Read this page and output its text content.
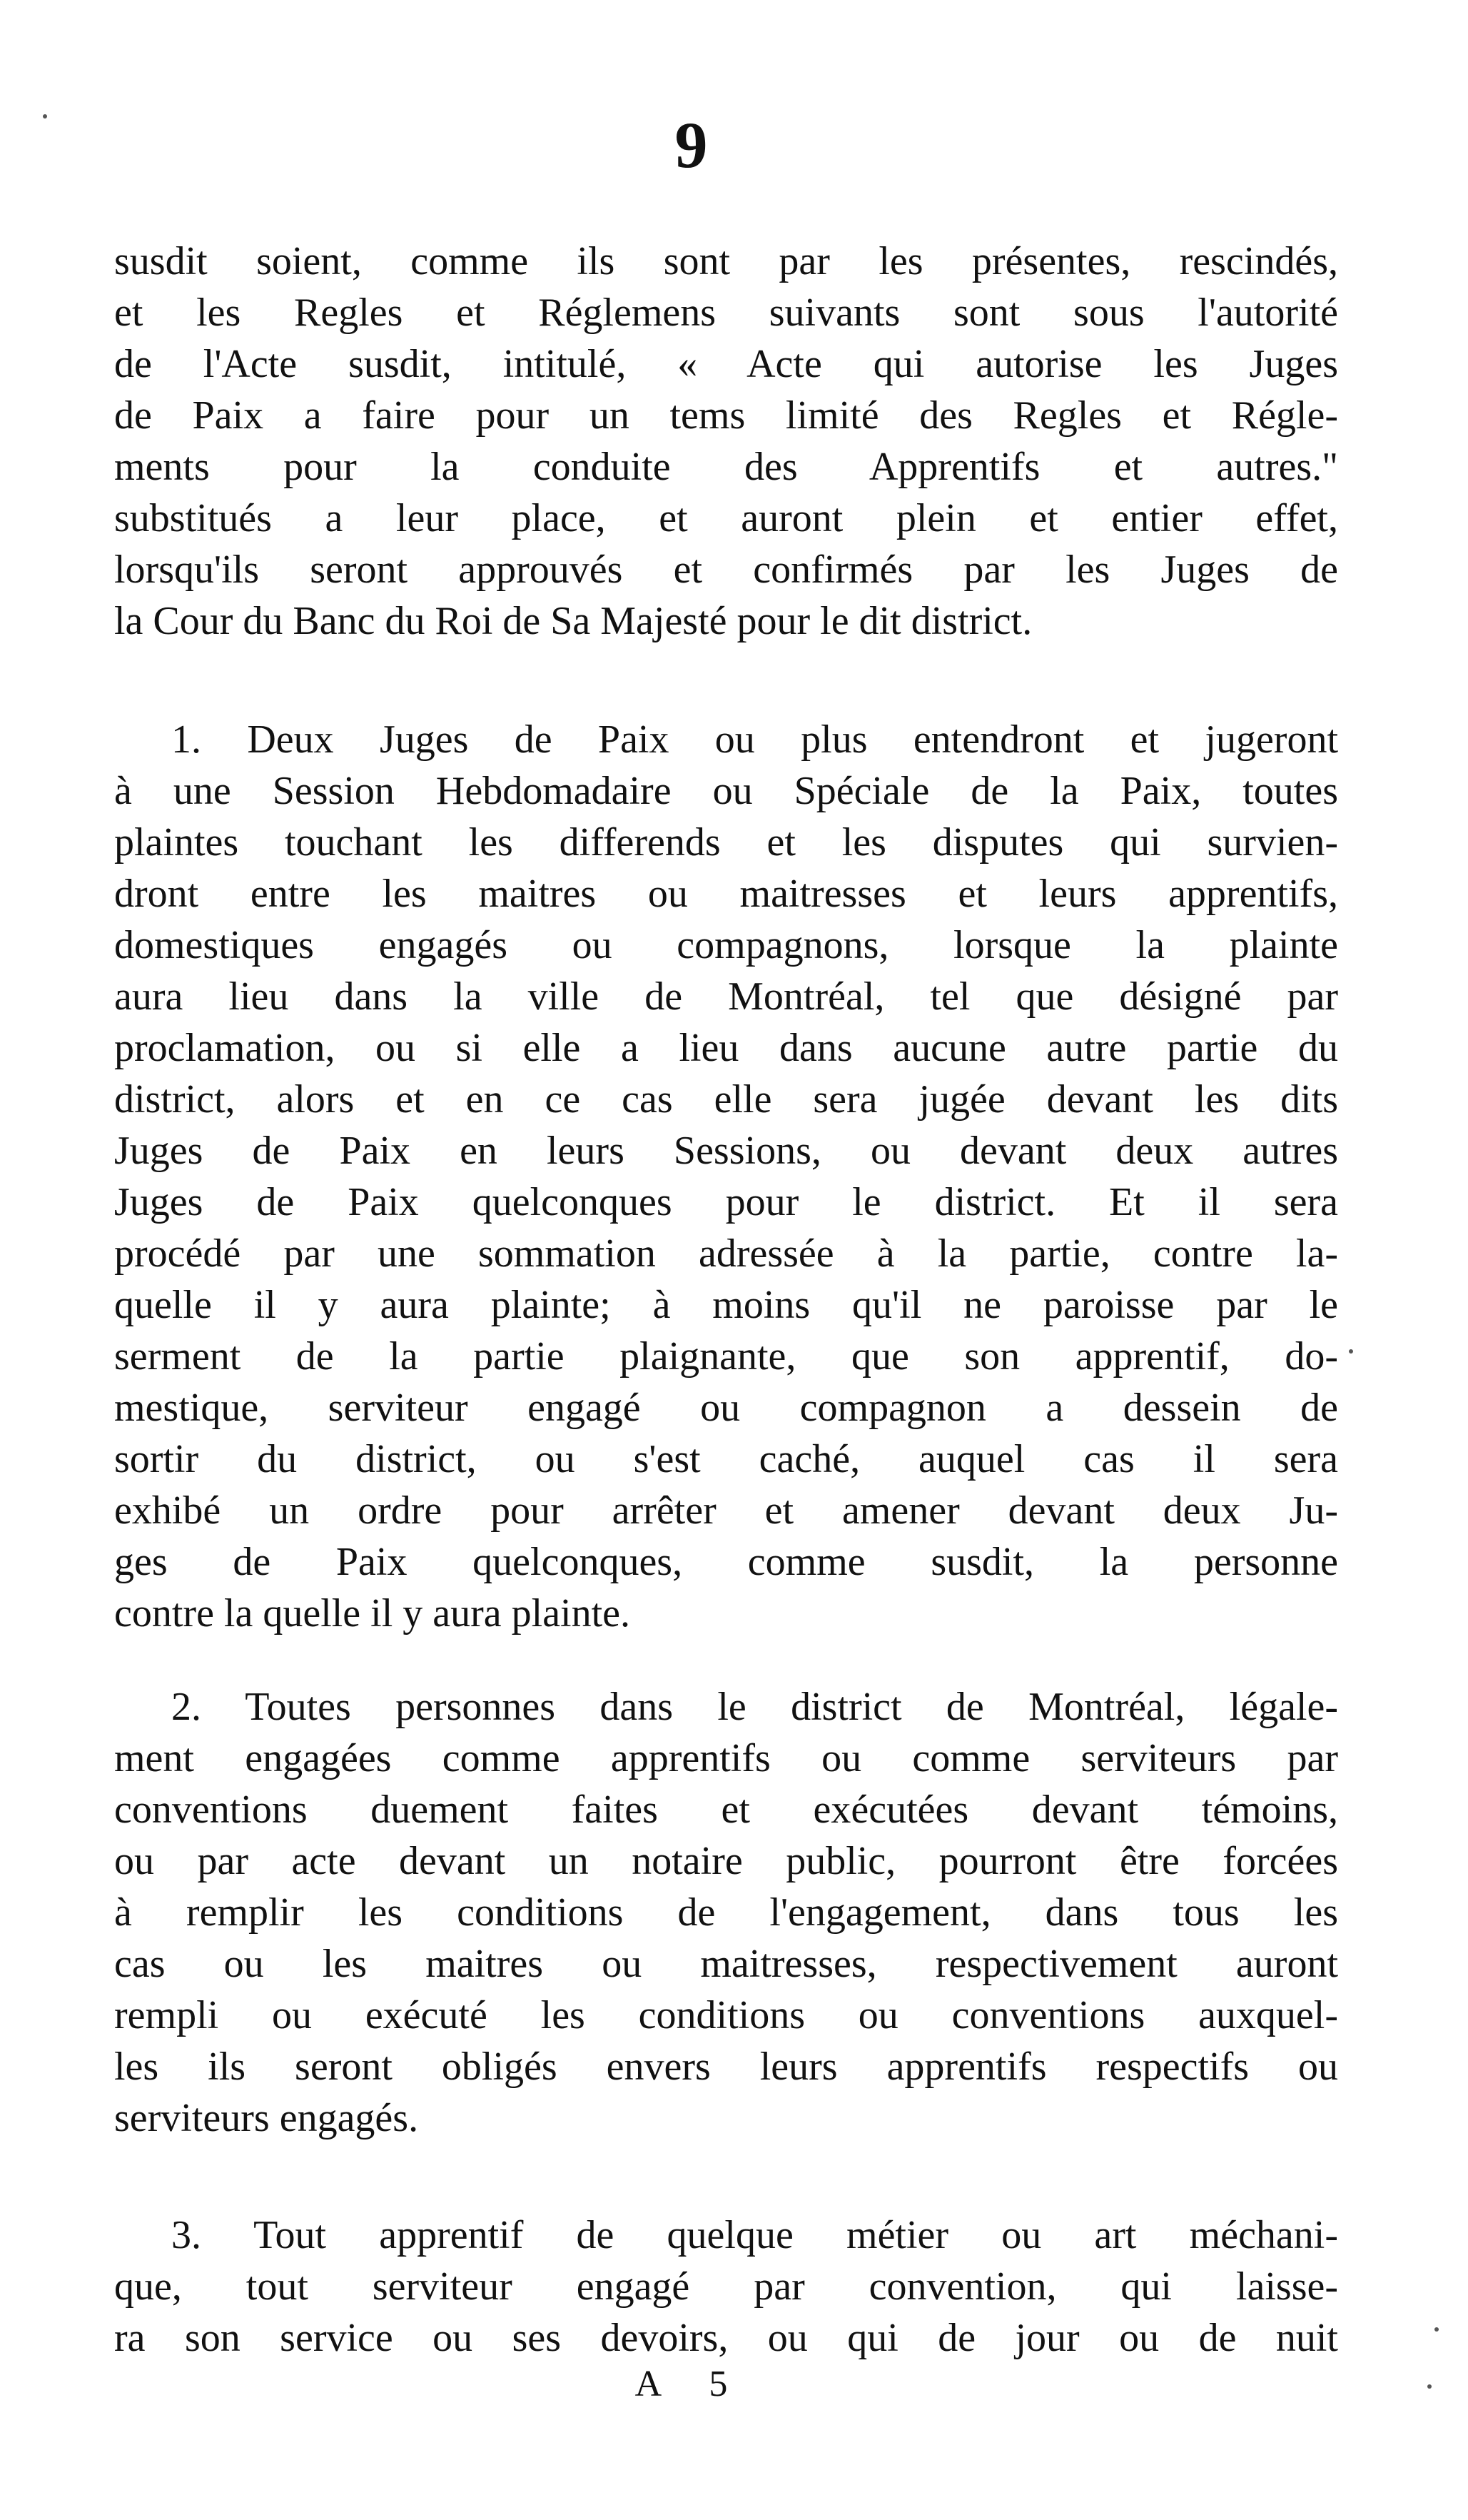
9
susdit soient, comme ils sont par les présentes, rescindés,
et les Regles et Réglemens suivants sont sous l'autorité
de l'Acte susdit, intitulé, « Acte qui autorise les Juges
de Paix a faire pour un tems limité des Regles et Régle-
ments pour la conduite des Apprentifs et autres."
substitués a leur place, et auront plein et entier effet,
lorsqu'ils seront approuvés et confirmés par les Juges de
la Cour du Banc du Roi de Sa Majesté pour le dit district.
1. Deux Juges de Paix ou plus entendront et jugeront
à une Session Hebdomadaire ou Spéciale de la Paix, toutes
plaintes touchant les differends et les disputes qui survien-
dront entre les maitres ou maitresses et leurs apprentifs,
domestiques engagés ou compagnons, lorsque la plainte
aura lieu dans la ville de Montréal, tel que désigné par
proclamation, ou si elle a lieu dans aucune autre partie du
district, alors et en ce cas elle sera jugée devant les dits
Juges de Paix en leurs Sessions, ou devant deux autres
Juges de Paix quelconques pour le district. Et il sera
procédé par une sommation adressée à la partie, contre la-
quelle il y aura plainte; à moins qu'il ne paroisse par le
serment de la partie plaignante, que son apprentif, do-
mestique, serviteur engagé ou compagnon a dessein de
sortir du district, ou s'est caché, auquel cas il sera
exhibé un ordre pour arrêter et amener devant deux Ju-
ges de Paix quelconques, comme susdit, la personne
contre la quelle il y aura plainte.
2. Toutes personnes dans le district de Montréal, légale-
ment engagées comme apprentifs ou comme serviteurs par
conventions duement faites et exécutées devant témoins,
ou par acte devant un notaire public, pourront être forcées
à remplir les conditions de l'engagement, dans tous les
cas ou les maitres ou maitresses, respectivement auront
rempli ou exécuté les conditions ou conventions auxquel-
les ils seront obligés envers leurs apprentifs respectifs ou
serviteurs engagés.
3. Tout apprentif de quelque métier ou art méchani-
que, tout serviteur engagé par convention, qui laisse-
ra son service ou ses devoirs, ou qui de jour ou de nuit
A 5
